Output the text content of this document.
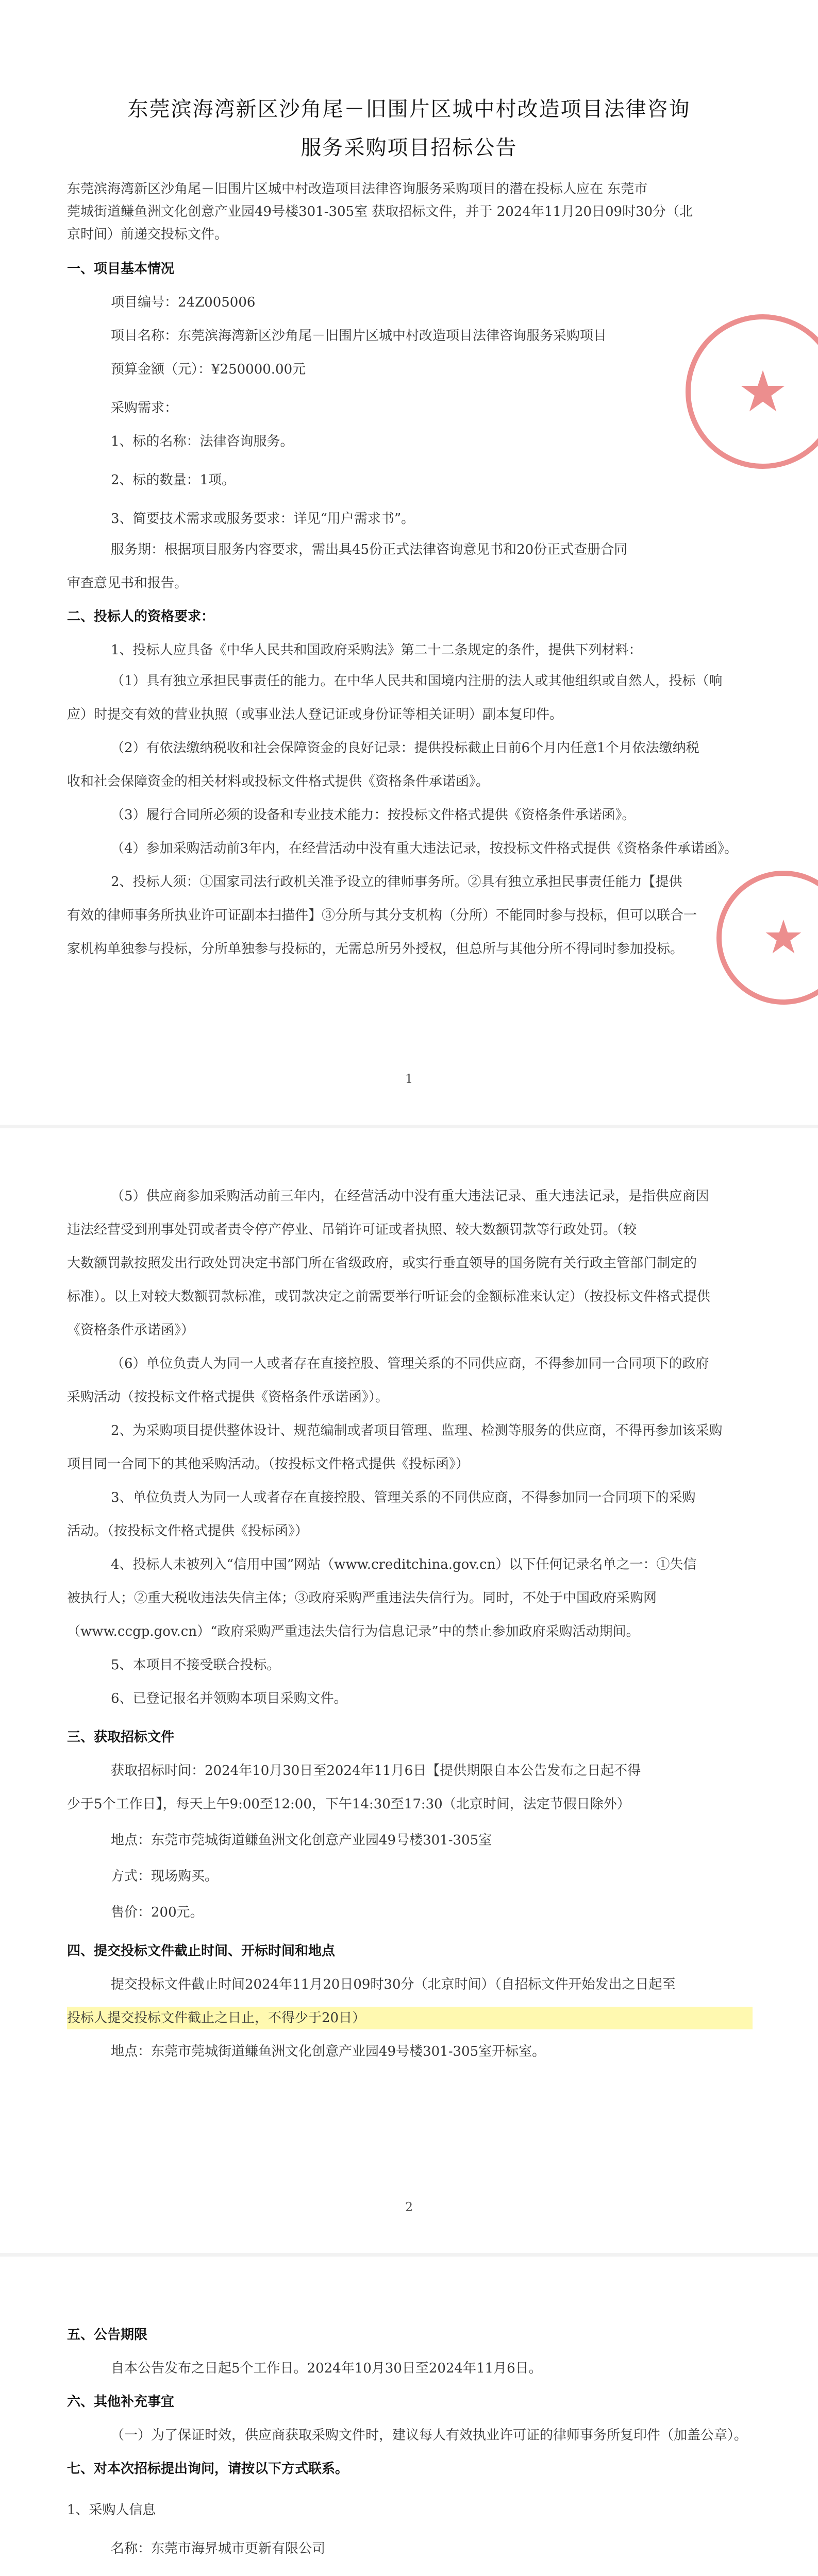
东莞滨海湾新区沙角尾－旧围片区城中村改造项目法律咨询
服务采购项目招标公告
东莞滨海湾新区沙角尾－旧围片区城中村改造项目法律咨询服务采购项目的潜在投标人应在 东莞市
莞城街道鳒鱼洲文化创意产业园49号楼301-305室 获取招标文件，并于 2024年11月20日09时30分（北
京时间）前递交投标文件。
一、项目基本情况
项目编号：24Z005006
项目名称：东莞滨海湾新区沙角尾－旧围片区城中村改造项目法律咨询服务采购项目
预算金额（元）：¥250000.00元
采购需求：
1、标的名称：法律咨询服务。
2、标的数量：1项。
3、简要技术需求或服务要求：详见“用户需求书”。
服务期：根据项目服务内容要求，需出具45份正式法律咨询意见书和20份正式查册合同
审查意见书和报告。
二、投标人的资格要求：
1、投标人应具备《中华人民共和国政府采购法》第二十二条规定的条件，提供下列材料：
（1）具有独立承担民事责任的能力。在中华人民共和国境内注册的法人或其他组织或自然人，投标（响
应）时提交有效的营业执照（或事业法人登记证或身份证等相关证明）副本复印件。
（2）有依法缴纳税收和社会保障资金的良好记录：提供投标截止日前6个月内任意1个月依法缴纳税
收和社会保障资金的相关材料或投标文件格式提供《资格条件承诺函》。
（3）履行合同所必须的设备和专业技术能力：按投标文件格式提供《资格条件承诺函》。
（4）参加采购活动前3年内，在经营活动中没有重大违法记录，按投标文件格式提供《资格条件承诺函》。
2、投标人须：①国家司法行政机关准予设立的律师事务所。②具有独立承担民事责任能力【提供
有效的律师事务所执业许可证副本扫描件】③分所与其分支机构（分所）不能同时参与投标，但可以联合一
家机构单独参与投标，分所单独参与投标的，无需总所另外授权，但总所与其他分所不得同时参加投标。
1
★
★
（5）供应商参加采购活动前三年内，在经营活动中没有重大违法记录、重大违法记录，是指供应商因
违法经营受到刑事处罚或者责令停产停业、吊销许可证或者执照、较大数额罚款等行政处罚。（较
大数额罚款按照发出行政处罚决定书部门所在省级政府，或实行垂直领导的国务院有关行政主管部门制定的
标准）。以上对较大数额罚款标准，或罚款决定之前需要举行听证会的金额标准来认定）（按投标文件格式提供
《资格条件承诺函》）
（6）单位负责人为同一人或者存在直接控股、管理关系的不同供应商，不得参加同一合同项下的政府
采购活动（按投标文件格式提供《资格条件承诺函》）。
2、为采购项目提供整体设计、规范编制或者项目管理、监理、检测等服务的供应商，不得再参加该采购
项目同一合同下的其他采购活动。（按投标文件格式提供《投标函》）
3、单位负责人为同一人或者存在直接控股、管理关系的不同供应商，不得参加同一合同项下的采购
活动。（按投标文件格式提供《投标函》）
4、投标人未被列入“信用中国”网站（www.creditchina.gov.cn）以下任何记录名单之一：①失信
被执行人；②重大税收违法失信主体；③政府采购严重违法失信行为。同时，不处于中国政府采购网
（www.ccgp.gov.cn）“政府采购严重违法失信行为信息记录”中的禁止参加政府采购活动期间。
5、本项目不接受联合投标。
6、已登记报名并领购本项目采购文件。
三、获取招标文件
获取招标时间：2024年10月30日至2024年11月6日【提供期限自本公告发布之日起不得
少于5个工作日】，每天上午9:00至12:00，下午14:30至17:30（北京时间，法定节假日除外）
地点：东莞市莞城街道鳒鱼洲文化创意产业园49号楼301-305室
方式：现场购买。
售价：200元。
四、提交投标文件截止时间、开标时间和地点
提交投标文件截止时间2024年11月20日09时30分（北京时间）（自招标文件开始发出之日起至
投标人提交投标文件截止之日止，不得少于20日）
地点：东莞市莞城街道鳒鱼洲文化创意产业园49号楼301-305室开标室。
2
五、公告期限
自本公告发布之日起5个工作日。2024年10月30日至2024年11月6日。
六、其他补充事宜
（一）为了保证时效，供应商获取采购文件时，建议每人有效执业许可证的律师事务所复印件（加盖公章）。
七、对本次招标提出询问，请按以下方式联系。
1、采购人信息
名称：东莞市海昇城市更新有限公司
